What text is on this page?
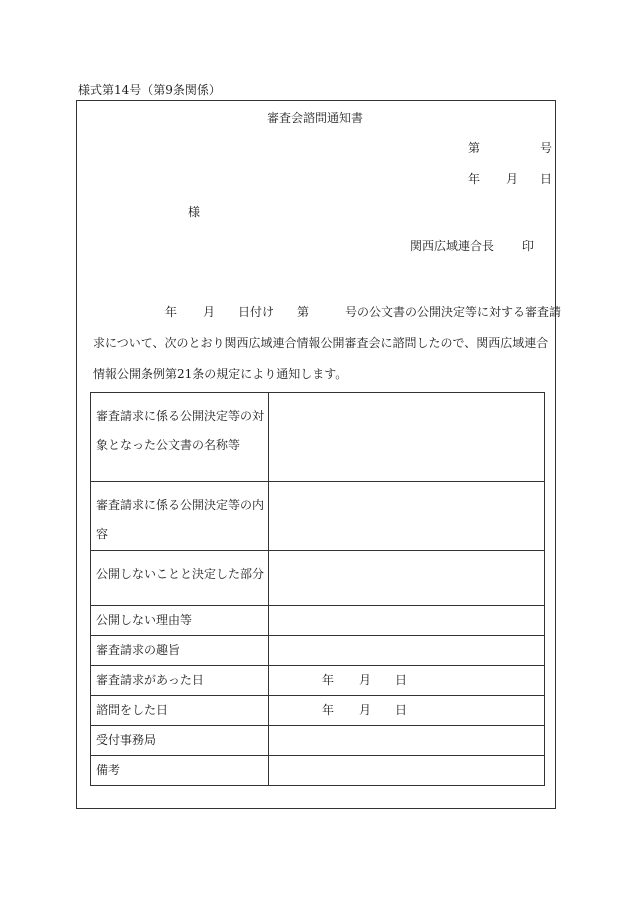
様式第14号（第9条関係）
審査会諮問通知書
第	号
年 月 日
様
関西広域連合長 印
年 月 日付け 第	号の公文書の公開決定等に対する審査請
求について、次のとおり関西広域連合情報公開審査会に諮問したので、関西広域連合
情報公開条例第21条の規定により通知します。
審査請求に係る公開決定等の対
象となった公文書の名称等	

審査請求に係る公開決定等の内
容	

公開しないことと決定した部分	

公開しない理由等	

審査請求の趣旨	

審査請求があった日	年 月 日

諮問をした日	年 月 日

受付事務局	

備考	
